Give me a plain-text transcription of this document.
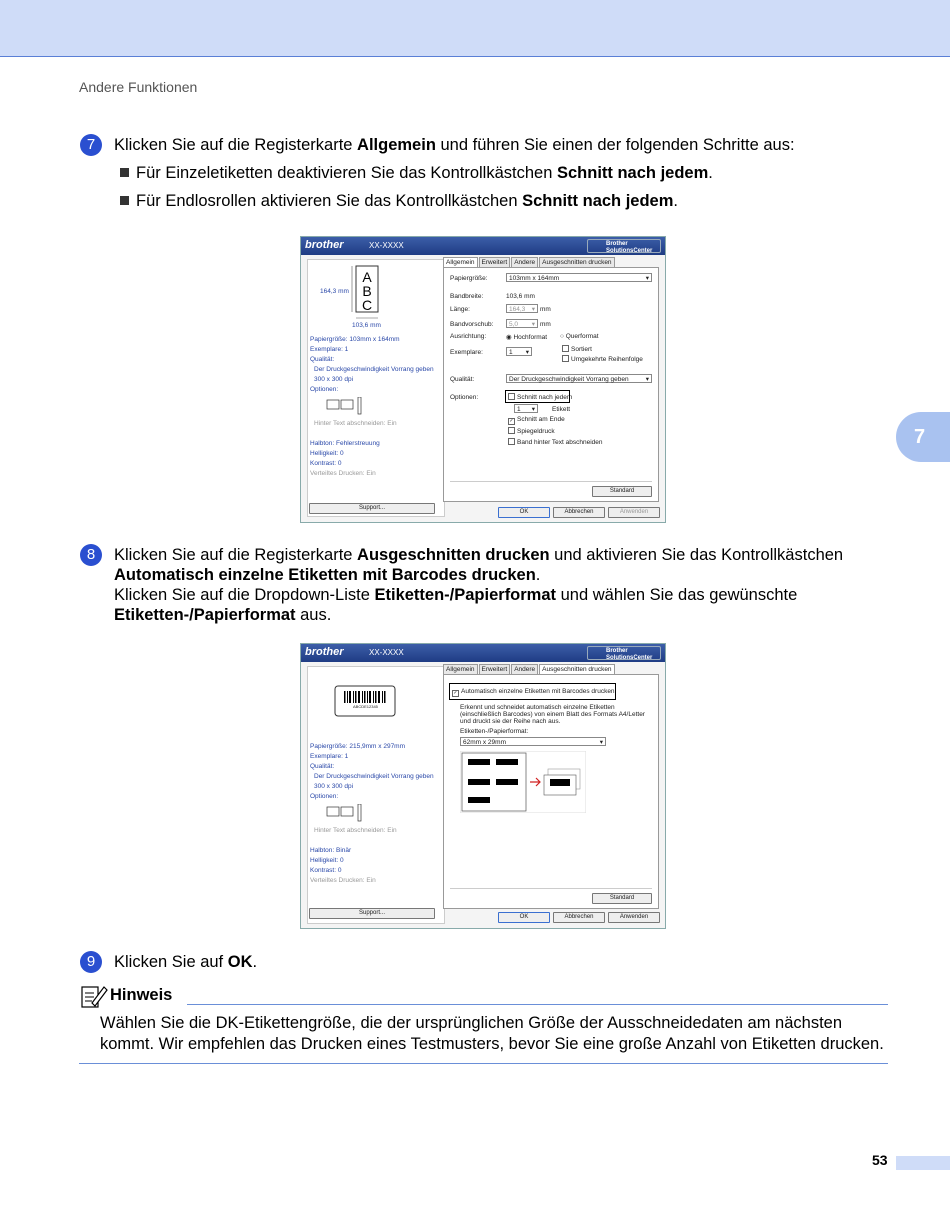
Andere Funktionen
7
7	Klicken Sie auf die Registerkarte Allgemein und führen Sie einen der folgenden Schritte aus:
Für Einzeletiketten deaktivieren Sie das Kontrollkästchen Schnitt nach jedem.
Für Endlosrollen aktivieren Sie das Kontrollkästchen Schnitt nach jedem.
brother	XX-XXXX	Brother SolutionsCenter
A
B
C
164,3 mm
103,6 mm
Papiergröße: 103mm x 164mm
Exemplare: 1
Qualität:
Der Druckgeschwindigkeit Vorrang geben
300 x 300 dpi
Optionen:
Hinter Text abschneiden: Ein
Halbton: Fehlerstreuung
Helligkeit: 0
Kontrast: 0
Verteiltes Drucken: Ein
Support...
Allgemein Erweitert Andere Ausgeschnitten drucken
Papiergröße:	103mm x 164mm ▾
Bandbreite:	103,6 mm
Länge:	164,3 ▾	mm
Bandvorschub:	5,0 ▾	mm
Ausrichtung:	◉ Hochformat ○ Querformat
Exemplare:	1 ▾	Sortiert
Umgekehrte Reihenfolge
Qualität:	Der Druckgeschwindigkeit Vorrang geben ▾
Optionen:	Schnitt nach jedem
1 ▾	Etikett
✓ Schnitt am Ende
Spiegeldruck
Band hinter Text abschneiden
Standard
OK	Abbrechen	Anwenden
8	Klicken Sie auf die Registerkarte Ausgeschnitten drucken und aktivieren Sie das Kontrollkästchen
Automatisch einzelne Etiketten mit Barcodes drucken.
Klicken Sie auf die Dropdown-Liste Etiketten-/Papierformat und wählen Sie das gewünschte
Etiketten-/Papierformat aus.
brother	XX-XXXX	Brother SolutionsCenter
ABCDE12345
Papiergröße: 215,9mm x 297mm
Exemplare: 1
Qualität:
Der Druckgeschwindigkeit Vorrang geben
300 x 300 dpi
Optionen:
Hinter Text abschneiden: Ein
Halbton: Binär
Helligkeit: 0
Kontrast: 0
Verteiltes Drucken: Ein
Support...
Allgemein Erweitert Andere Ausgeschnitten drucken
✓ Automatisch einzelne Etiketten mit Barcodes drucken.
Erkennt und schneidet automatisch einzelne Etiketten
(einschließlich Barcodes) von einem Blatt des Formats A4/Letter
und druckt sie der Reihe nach aus.
Etiketten-/Papierformat:
62mm x 29mm ▾
Standard
OK	Abbrechen	Anwenden
9	Klicken Sie auf OK.
Hinweis
Wählen Sie die DK-Etikettengröße, die der ursprünglichen Größe der Ausschneidedaten am nächsten
kommt. Wir empfehlen das Drucken eines Testmusters, bevor Sie eine große Anzahl von Etiketten drucken.
53
